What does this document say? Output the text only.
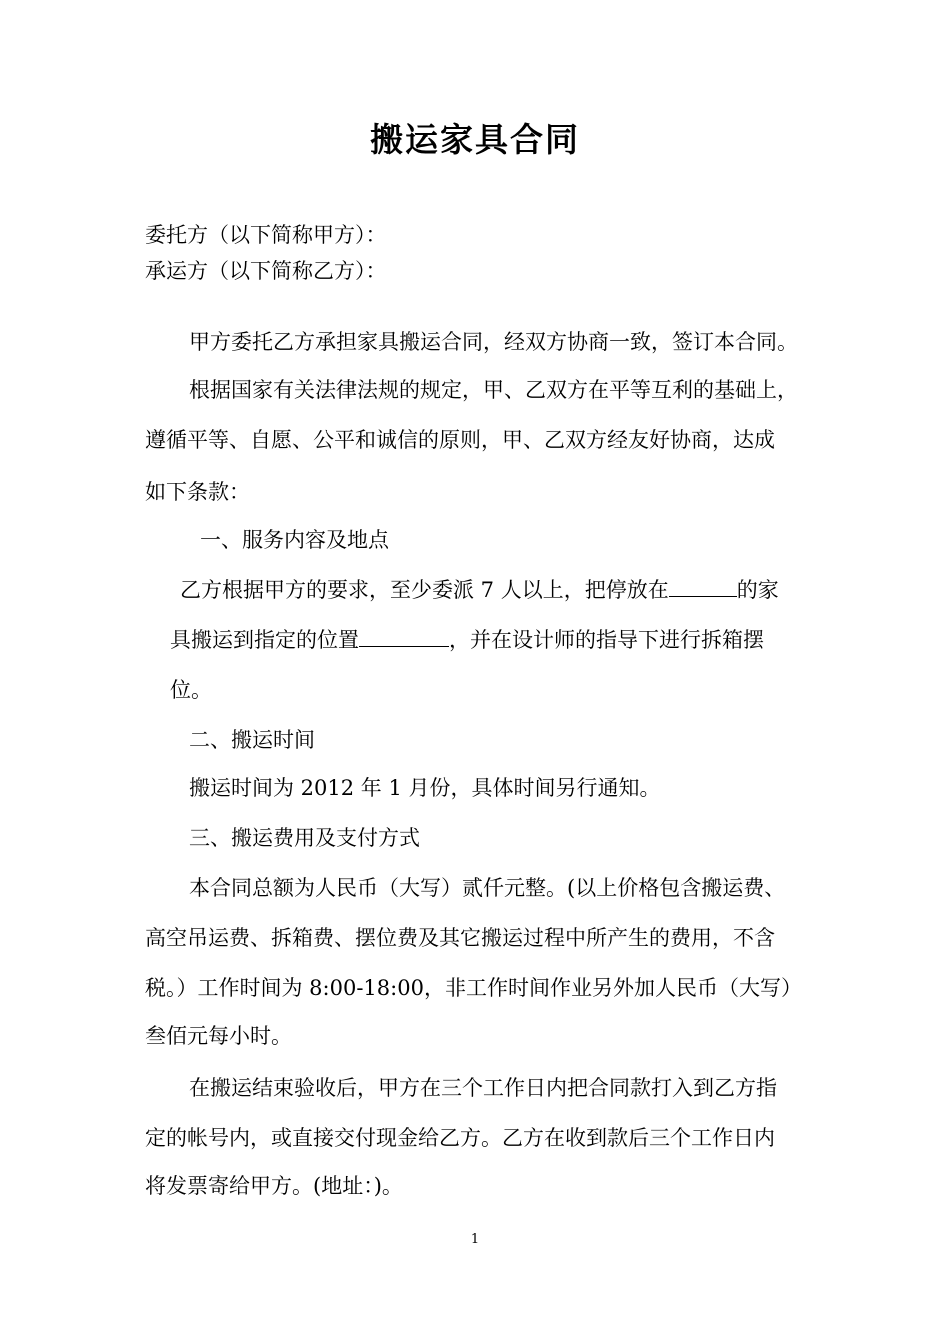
搬运家具合同

委托方（以下简称甲方）：

承运方（以下简称乙方）：

甲方委托乙方承担家具搬运合同，经双方协商一致，签订本合同。

根据国家有关法律法规的规定，甲、乙双方在平等互利的基础上，

遵循平等、自愿、公平和诚信的原则，甲、乙双方经友好协商，达成

如下条款：

一、服务内容及地点

乙方根据甲方的要求，至少委派 7 人以上，把停放在	的家

具搬运到指定的位置	，并在设计师的指导下进行拆箱摆

位。

二、搬运时间

搬运时间为 2012 年 1 月份，具体时间另行通知。

三、搬运费用及支付方式

本合同总额为人民币（大写）贰仟元整。(以上价格包含搬运费、

高空吊运费、拆箱费、摆位费及其它搬运过程中所产生的费用，不含

税。）工作时间为 8:00-18:00，非工作时间作业另外加人民币（大写）

叁佰元每小时。

在搬运结束验收后，甲方在三个工作日内把合同款打入到乙方指

定的帐号内，或直接交付现金给乙方。乙方在收到款后三个工作日内

将发票寄给甲方。(地址：)。

1
